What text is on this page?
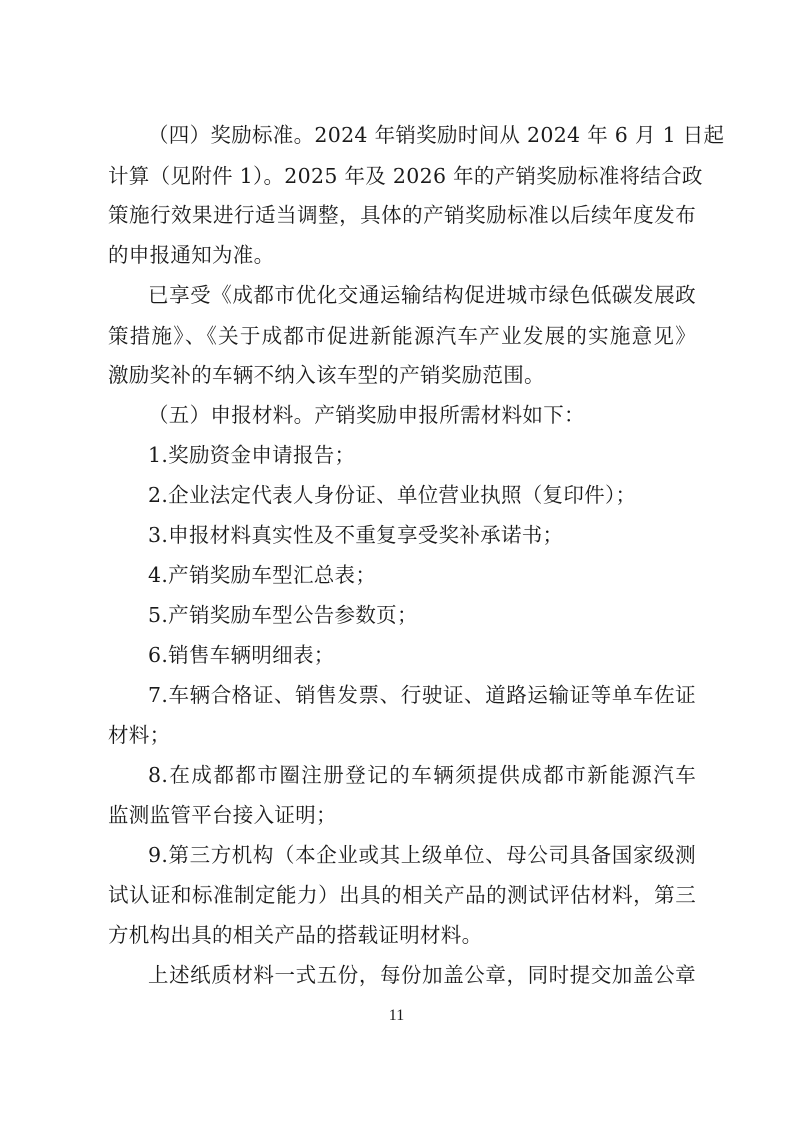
（四）奖励标准。2024 年销奖励时间从 2024 年 6 月 1 日起
计算（见附件 1）。2025 年及 2026 年的产销奖励标准将结合政
策施行效果进行适当调整，具体的产销奖励标准以后续年度发布
的申报通知为准。
已享受《成都市优化交通运输结构促进城市绿色低碳发展政
策措施》、《关于成都市促进新能源汽车产业发展的实施意见》
激励奖补的车辆不纳入该车型的产销奖励范围。
（五）申报材料。产销奖励申报所需材料如下：
1.奖励资金申请报告；
2.企业法定代表人身份证、单位营业执照（复印件）；
3.申报材料真实性及不重复享受奖补承诺书；
4.产销奖励车型汇总表；
5.产销奖励车型公告参数页；
6.销售车辆明细表；
7.车辆合格证、销售发票、行驶证、道路运输证等单车佐证
材料；
8.在成都都市圈注册登记的车辆须提供成都市新能源汽车
监测监管平台接入证明；
9.第三方机构（本企业或其上级单位、母公司具备国家级测
试认证和标准制定能力）出具的相关产品的测试评估材料，第三
方机构出具的相关产品的搭载证明材料。
上述纸质材料一式五份，每份加盖公章，同时提交加盖公章
11
